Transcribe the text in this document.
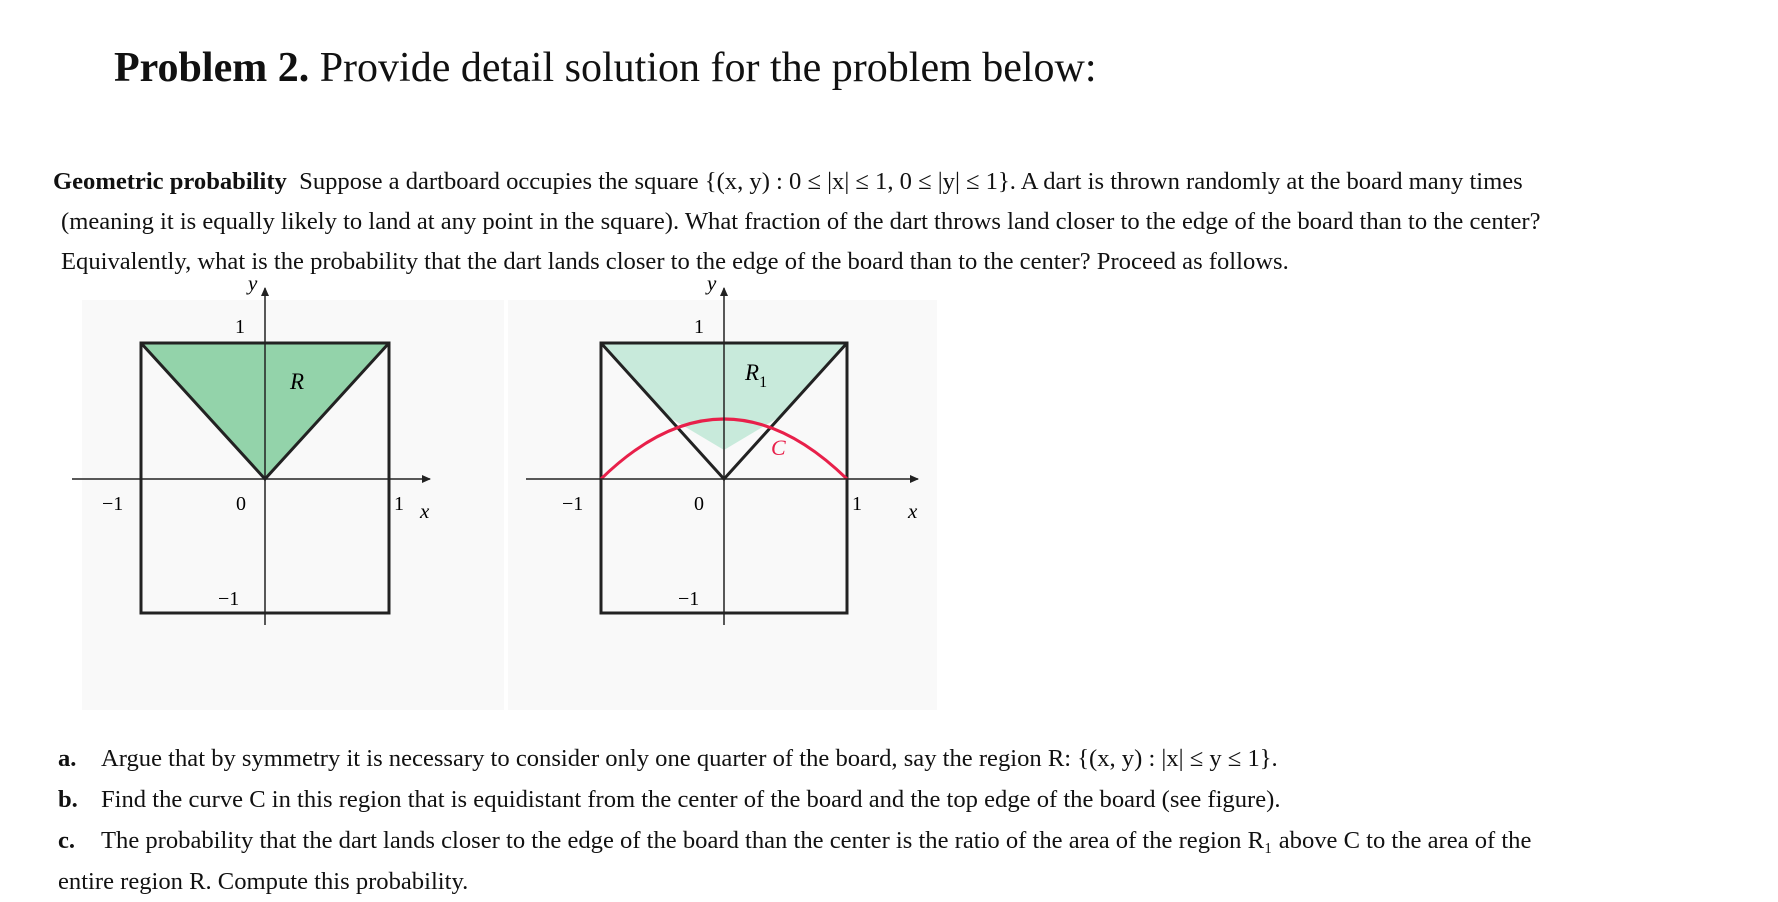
Problem 2. Provide detail solution for the problem below:
Geometric probability Suppose a dartboard occupies the square {(x, y) : 0 ≤ |x| ≤ 1, 0 ≤ |y| ≤ 1}. A dart is thrown randomly at the board many times
(meaning it is equally likely to land at any point in the square). What fraction of the dart throws land closer to the edge of the board than to the center?
Equivalently, what is the probability that the dart lands closer to the edge of the board than to the center? Proceed as follows.
y
x
1
−1
−1	1
0
R
y
x
1
−1
−1	1
0
$R_1$
C
a. Argue that by symmetry it is necessary to consider only one quarter of the board, say the region R: {(x, y) : |x| ≤ y ≤ 1}.
b. Find the curve C in this region that is equidistant from the center of the board and the top edge of the board (see figure).
c. The probability that the dart lands closer to the edge of the board than the center is the ratio of the area of the region R₁ above C to the area of the
entire region R. Compute this probability.
